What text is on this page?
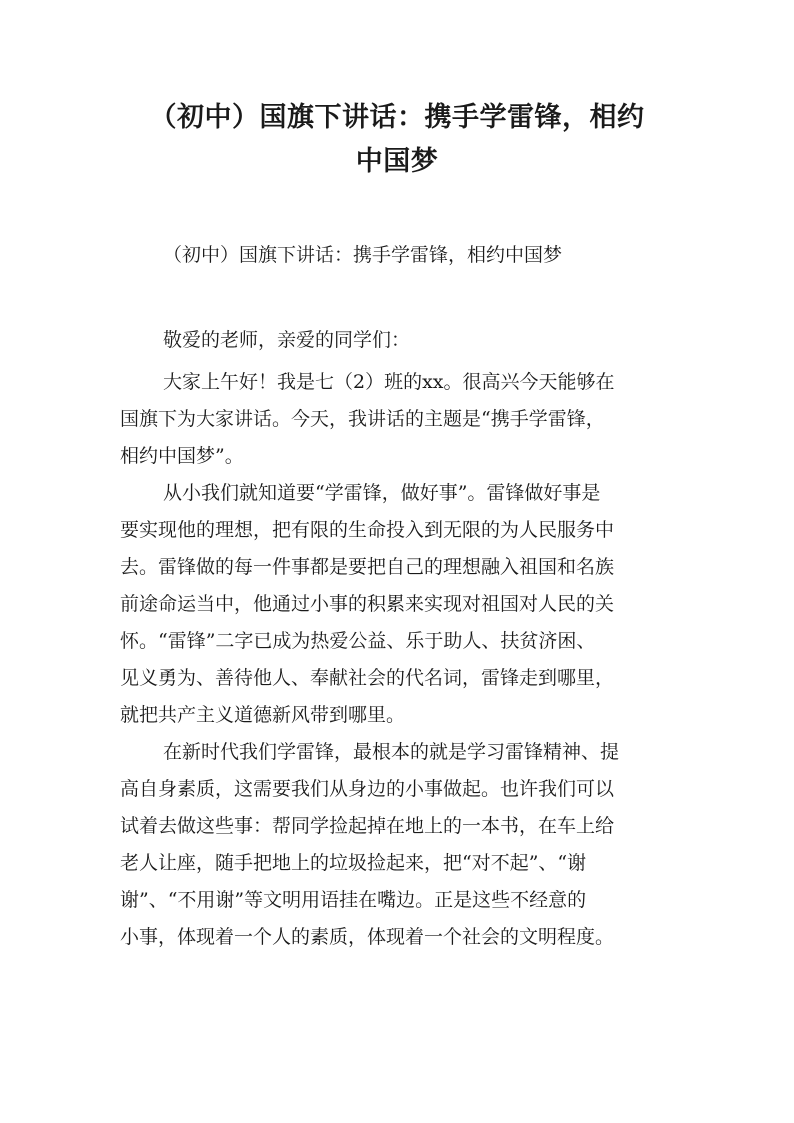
（初中）国旗下讲话：携手学雷锋，相约
中国梦

（初中）国旗下讲话：携手学雷锋，相约中国梦

敬爱的老师，亲爱的同学们：

大家上午好！我是七（2）班的xx。很高兴今天能够在
国旗下为大家讲话。今天，我讲话的主题是“携手学雷锋，
相约中国梦”。

从小我们就知道要“学雷锋，做好事”。雷锋做好事是
要实现他的理想，把有限的生命投入到无限的为人民服务中
去。雷锋做的每一件事都是要把自己的理想融入祖国和名族
前途命运当中，他通过小事的积累来实现对祖国对人民的关
怀。“雷锋”二字已成为热爱公益、乐于助人、扶贫济困、
见义勇为、善待他人、奉献社会的代名词，雷锋走到哪里，
就把共产主义道德新风带到哪里。

在新时代我们学雷锋，最根本的就是学习雷锋精神、提
高自身素质，这需要我们从身边的小事做起。也许我们可以
试着去做这些事：帮同学捡起掉在地上的一本书，在车上给
老人让座，随手把地上的垃圾捡起来，把“对不起”、“谢
谢”、“不用谢”等文明用语挂在嘴边。正是这些不经意的
小事，体现着一个人的素质，体现着一个社会的文明程度。
